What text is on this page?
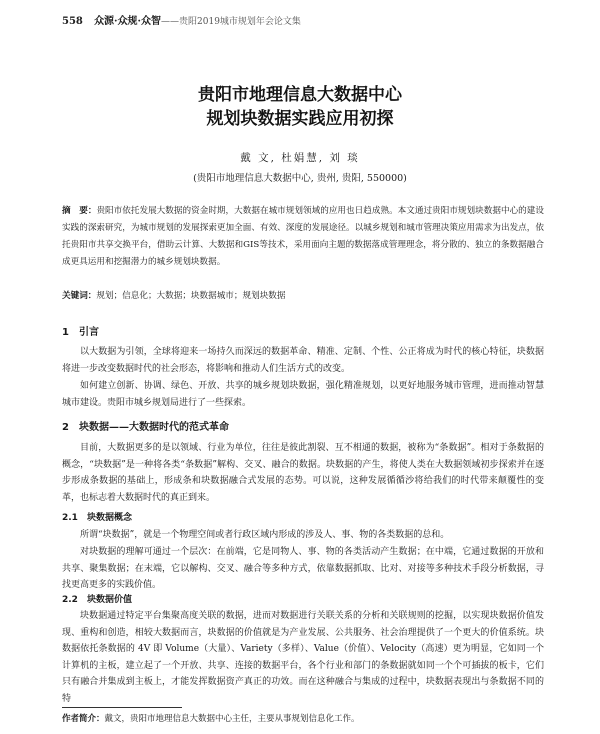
558 众源·众规·众智——贵阳2019城市规划年会论文集
贵阳市地理信息大数据中心
规划块数据实践应用初探
戴 文, 杜娟慧, 刘 琰
(贵阳市地理信息大数据中心, 贵州, 贵阳, 550000)
摘　要：贵阳市依托发展大数据的资金时期，大数据在城市规划领域的应用也日趋成熟。本文通过贵阳市规划块数据中心的建设实践的深索研究，为城市规划的发展探索更加全面、有效、深度的发展途径。以城乡规划和城市管理决策应用需求为出发点，依托贵阳市共享交换平台，借助云计算、大数据和GIS等技术，采用面向主题的数据落成管理理念，将分散的、独立的条数据融合成更具运用和挖掘潜力的城乡规划块数据。
关键词：规划；信息化；大数据；块数据城市；规划块数据
1　引言
以大数据为引领，全球将迎来一场持久而深远的数据革命、精准、定制、个性、公正将成为时代的核心特征，块数据将进一步改变数据时代的社会形态，将影响和推动人们生活方式的改变。
如何建立创新、协调、绿色、开放、共享的城乡规划块数据，强化精准规划，以更好地服务城市管理，进而推动智慧城市建设。贵阳市城乡规划局进行了一些探索。
2　块数据——大数据时代的范式革命
目前，大数据更多的是以领域、行业为单位，往往是彼此割裂、互不相通的数据，被称为“条数据”。相对于条数据的概念，“块数据”是一种将各类“条数据”解构、交叉、融合的数据。块数据的产生，将使人类在大数据领域初步探索并在逐步形成条数据的基础上，形成条和块数据融合式发展的态势。可以说，这种发展循循沙将给我们的时代带来颠覆性的变革，也标志着大数据时代的真正到来。
2.1　块数据概念
所谓“块数据”，就是一个物理空间或者行政区域内形成的涉及人、事、物的各类数据的总和。
对块数据的理解可通过一个层次：在前端，它是同物人、事、物的各类活动产生数据；在中端，它通过数据的开放和共享、聚集数据；在末端，它以解构、交叉、融合等多种方式，依靠数据抓取、比对、对接等多种技术手段分析数据，寻找更高更多的实践价值。
2.2　块数据价值
块数据通过特定平台集聚高度关联的数据，进而对数据进行关联关系的分析和关联规则的挖掘，以实现块数据价值发现、重构和创造，相较大数据而言，块数据的价值就是为产业发展、公共服务、社会治理提供了一个更大的价值系统。块数据依托条数据的 4V 即 Volume（大量）、Variety（多样）、Value（价值）、Velocity（高速）更为明显，它如同一个计算机的主板，建立起了一个开放、共享、连接的数据平台，各个行业和部门的条数据就如同一个个可插拔的板卡，它们只有融合并集成到主板上，才能发挥数据资产真正的功效。而在这种融合与集成的过程中，块数据表现出与条数据不同的特
作者简介：戴文，贵阳市地理信息大数据中心主任，主要从事规划信息化工作。
